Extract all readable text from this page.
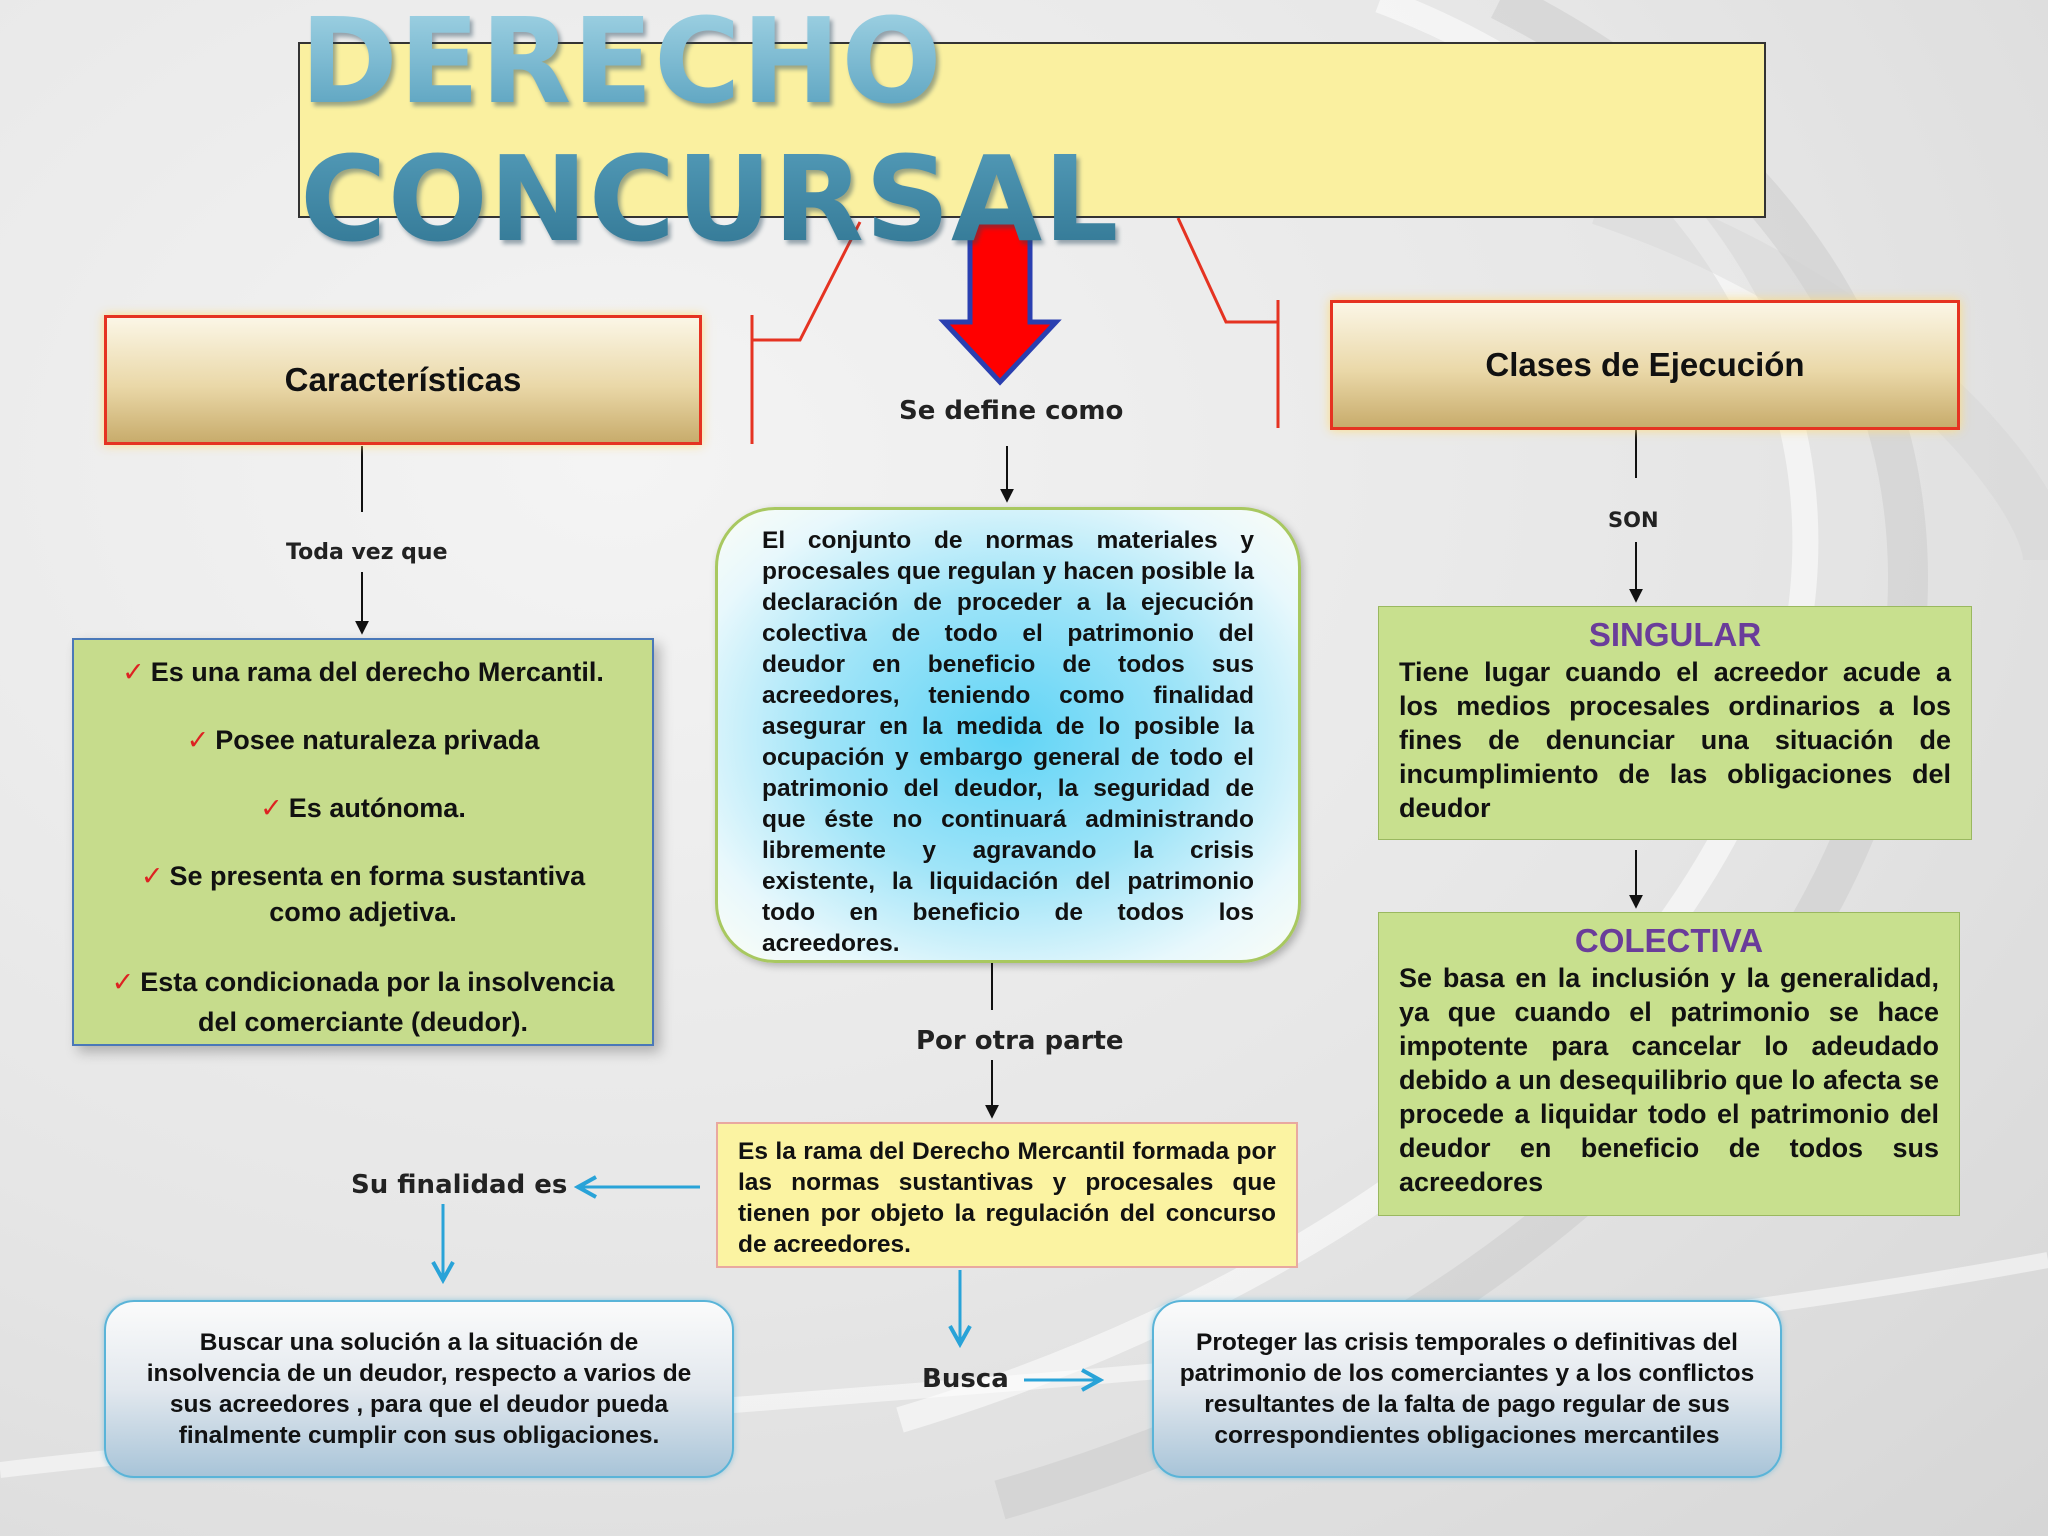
DERECHO CONCURSAL
Características	Clases de Ejecución
Toda vez que
Se define como
SON
Por otra parte
Su finalidad es
Busca
✓ Es una rama del derecho Mercantil.
✓ Posee naturaleza privada
✓ Es autónoma.
✓ Se presenta en forma sustantiva como adjetiva.
✓ Esta condicionada por la insolvencia del comerciante (deudor).
El conjunto de normas materiales y procesales que regulan y hacen posible la declaración de proceder a la ejecución colectiva de todo el patrimonio del deudor en beneficio de todos sus acreedores, teniendo como finalidad asegurar en la medida de lo posible la ocupación y embargo general de todo el patrimonio del deudor, la seguridad de que éste no continuará administrando libremente y agravando la crisis existente, la liquidación del patrimonio todo en beneficio de todos los acreedores.
Es la rama del Derecho Mercantil formada por las normas sustantivas y procesales que tienen por objeto la regulación del concurso de acreedores.
SINGULAR
Tiene lugar cuando el acreedor acude a los medios procesales ordinarios a los fines de denunciar una situación de incumplimiento de las obligaciones del deudor
COLECTIVA
Se basa en la inclusión y la generalidad, ya que cuando el patrimonio se hace impotente para cancelar lo adeudado debido a un desequilibrio que lo afecta se procede a liquidar todo el patrimonio del deudor en beneficio de todos sus acreedores
Buscar una solución a la situación de insolvencia de un deudor, respecto a varios de sus acreedores , para que el deudor pueda finalmente cumplir con sus obligaciones.
Proteger las crisis temporales o definitivas del patrimonio de los comerciantes y a los conflictos resultantes de la falta de pago regular de sus correspondientes obligaciones mercantiles
